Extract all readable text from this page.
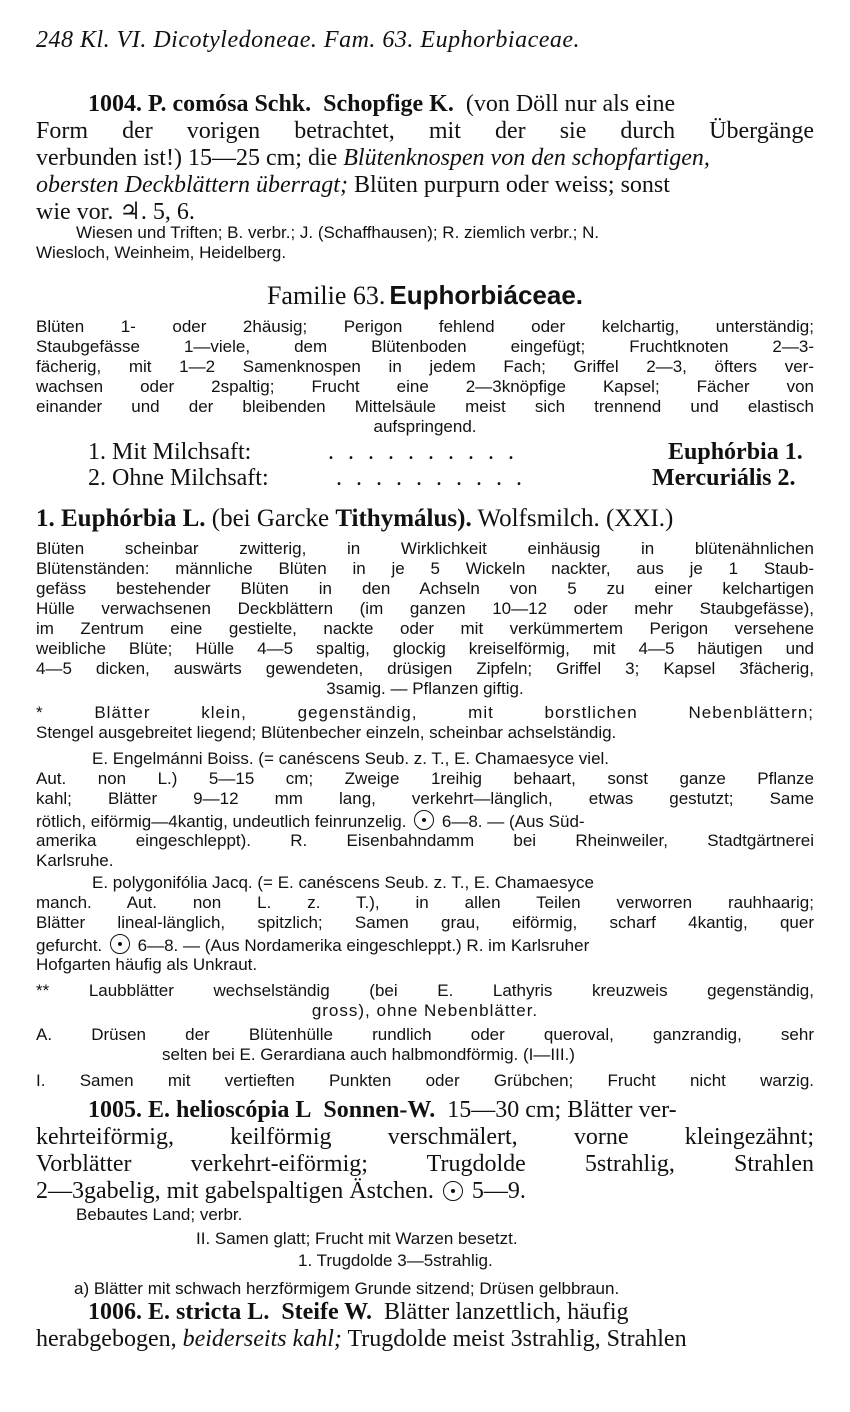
248 Kl. VI. Dicotyledoneae. Fam. 63. Euphorbiaceae.
1004. P. comósa Schk. Schopfige K. (von Döll nur als eine
Form der vorigen betrachtet, mit der sie durch Übergänge
verbunden ist!) 15—25 cm; die Blütenknospen von den schopfartigen,
obersten Deckblättern überragt; Blüten purpurn oder weiss; sonst
wie vor. ♃. 5, 6.
Wiesen und Triften; B. verbr.; J. (Schaffhausen); R. ziemlich verbr.; N.
Wiesloch, Weinheim, Heidelberg.
Familie 63. Euphorbiáceae.
Blüten 1- oder 2häusig; Perigon fehlend oder kelchartig, unterständig;
Staubgefässe 1—viele, dem Blütenboden eingefügt; Fruchtknoten 2—3-
fächerig, mit 1—2 Samenknospen in jedem Fach; Griffel 2—3, öfters ver-
wachsen oder 2spaltig; Frucht eine 2—3knöpfige Kapsel; Fächer von
einander und der bleibenden Mittelsäule meist sich trennend und elastisch
aufspringend.
1. Mit Milchsaft:	. . . . . . . . . .	Euphórbia 1.
2. Ohne Milchsaft:	. . . . . . . . . .	Mercuriális 2.
1. Euphórbia L. (bei Garcke Tithymálus). Wolfsmilch. (XXI.)
Blüten scheinbar zwitterig, in Wirklichkeit einhäusig in blütenähnlichen
Blütenständen: männliche Blüten in je 5 Wickeln nackter, aus je 1 Staub-
gefäss bestehender Blüten in den Achseln von 5 zu einer kelchartigen
Hülle verwachsenen Deckblättern (im ganzen 10—12 oder mehr Staubgefässe),
im Zentrum eine gestielte, nackte oder mit verkümmertem Perigon versehene
weibliche Blüte; Hülle 4—5 spaltig, glockig kreiselförmig, mit 4—5 häutigen und
4—5 dicken, auswärts gewendeten, drüsigen Zipfeln; Griffel 3; Kapsel 3fächerig,
3samig. — Pflanzen giftig.
* Blätter klein, gegenständig, mit borstlichen Nebenblättern;
Stengel ausgebreitet liegend; Blütenbecher einzeln, scheinbar achselständig.
E. Engelmánni Boiss. (= canéscens Seub. z. T., E. Chamaesyce viel.
Aut. non L.) 5—15 cm; Zweige 1reihig behaart, sonst ganze Pflanze
kahl; Blätter 9—12 mm lang, verkehrt—länglich, etwas gestutzt; Same
rötlich, eiförmig—4kantig, undeutlich feinrunzelig. 6—8. — (Aus Süd-
amerika eingeschleppt). R. Eisenbahndamm bei Rheinweiler, Stadtgärtnerei
Karlsruhe.
E. polygonifólia Jacq. (= E. canéscens Seub. z. T., E. Chamaesyce
manch. Aut. non L. z. T.), in allen Teilen verworren rauhhaarig;
Blätter lineal-länglich, spitzlich; Samen grau, eiförmig, scharf 4kantig, quer
gefurcht. 6—8. — (Aus Nordamerika eingeschleppt.) R. im Karlsruher
Hofgarten häufig als Unkraut.
** Laubblätter wechselständig (bei E. Lathyris kreuzweis gegenständig,
gross), ohne Nebenblätter.
A. Drüsen der Blütenhülle rundlich oder queroval, ganzrandig, sehr
selten bei E. Gerardiana auch halbmondförmig. (I—III.)
I. Samen mit vertieften Punkten oder Grübchen; Frucht nicht warzig.
1005. E. helioscópia L Sonnen-W. 15—30 cm; Blätter ver-
kehrteiförmig, keilförmig verschmälert, vorne kleingezähnt;
Vorblätter verkehrt-eiförmig; Trugdolde 5strahlig, Strahlen
2—3gabelig, mit gabelspaltigen Ästchen. 5—9.
Bebautes Land; verbr.
II. Samen glatt; Frucht mit Warzen besetzt.
1. Trugdolde 3—5strahlig.
a) Blätter mit schwach herzförmigem Grunde sitzend; Drüsen gelbbraun.
1006. E. stricta L. Steife W. Blätter lanzettlich, häufig
herabgebogen, beiderseits kahl; Trugdolde meist 3strahlig, Strahlen
